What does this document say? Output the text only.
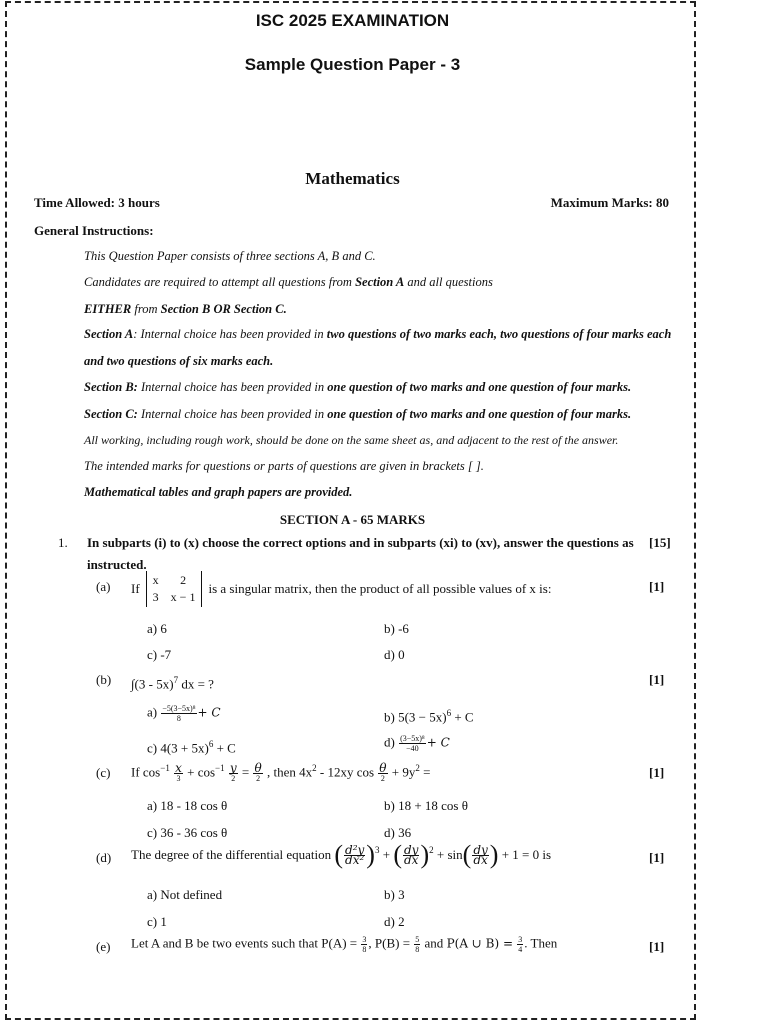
ISC 2025 EXAMINATION
Sample Question Paper - 3
Mathematics
Time Allowed: 3 hours	Maximum Marks: 80
General Instructions:
This Question Paper consists of three sections A, B and C.
Candidates are required to attempt all questions from Section A and all questions
EITHER from Section B OR Section C.
Section A: Internal choice has been provided in two questions of two marks each, two questions of four marks each
and two questions of six marks each.
Section B: Internal choice has been provided in one question of two marks and one question of four marks.
Section C: Internal choice has been provided in one question of two marks and one question of four marks.
All working, including rough work, should be done on the same sheet as, and adjacent to the rest of the answer.
The intended marks for questions or parts of questions are given in brackets [ ].
Mathematical tables and graph papers are provided.
SECTION A - 65 MARKS
1. In subparts (i) to (x) choose the correct options and in subparts (xi) to (xv), answer the questions as
instructed.
[15]
(a) If
x	2
3 x − 1
is a singular matrix, then the product of all possible values of x is:	[1]
a) 6	b) -6
c) -7	d) 0
(b) ∫(3 - 5x)$^7$ dx = ?	[1]
$a) \frac{\text{−5(3−5x)⁸}}{8} + C$	b) $5(3 - 5x)^6 + C$
c) $4(3 + 5x)^6 + C$	$d) \frac{\text{(3−5x)⁸}}{-40} + C$
(c) If $\cos^{-1} \frac{x}{3} + \cos^{-1} \frac{y}{2} = \frac{\theta}{2}$ , then $4x^2 - 12xy$ $\cos \frac{\theta}{2} + 9y^2$ =	[1]
a) 18 - 18 cos θ	b) 18 + 18 cos θ
c) 36 - 36 cos θ	d) 36
(d) The degree of the differential equation
( $\frac{\text{d²y}}{\text{dx²}} )^3$
+
( $\frac{dy}{dx} )^2$
+ sin ( $\frac{dy}{dx}$ )
+ 1 = 0 is	[1]
a) Not defined	b) 3
c) 1	d) 2
(e) Let A and B be two events such that $P(A) = \frac{3}{8}$ , $P(B) = \frac{5}{8}$ and P(A ∪ $B) = \frac{3}{4}$ . Then	[1]
